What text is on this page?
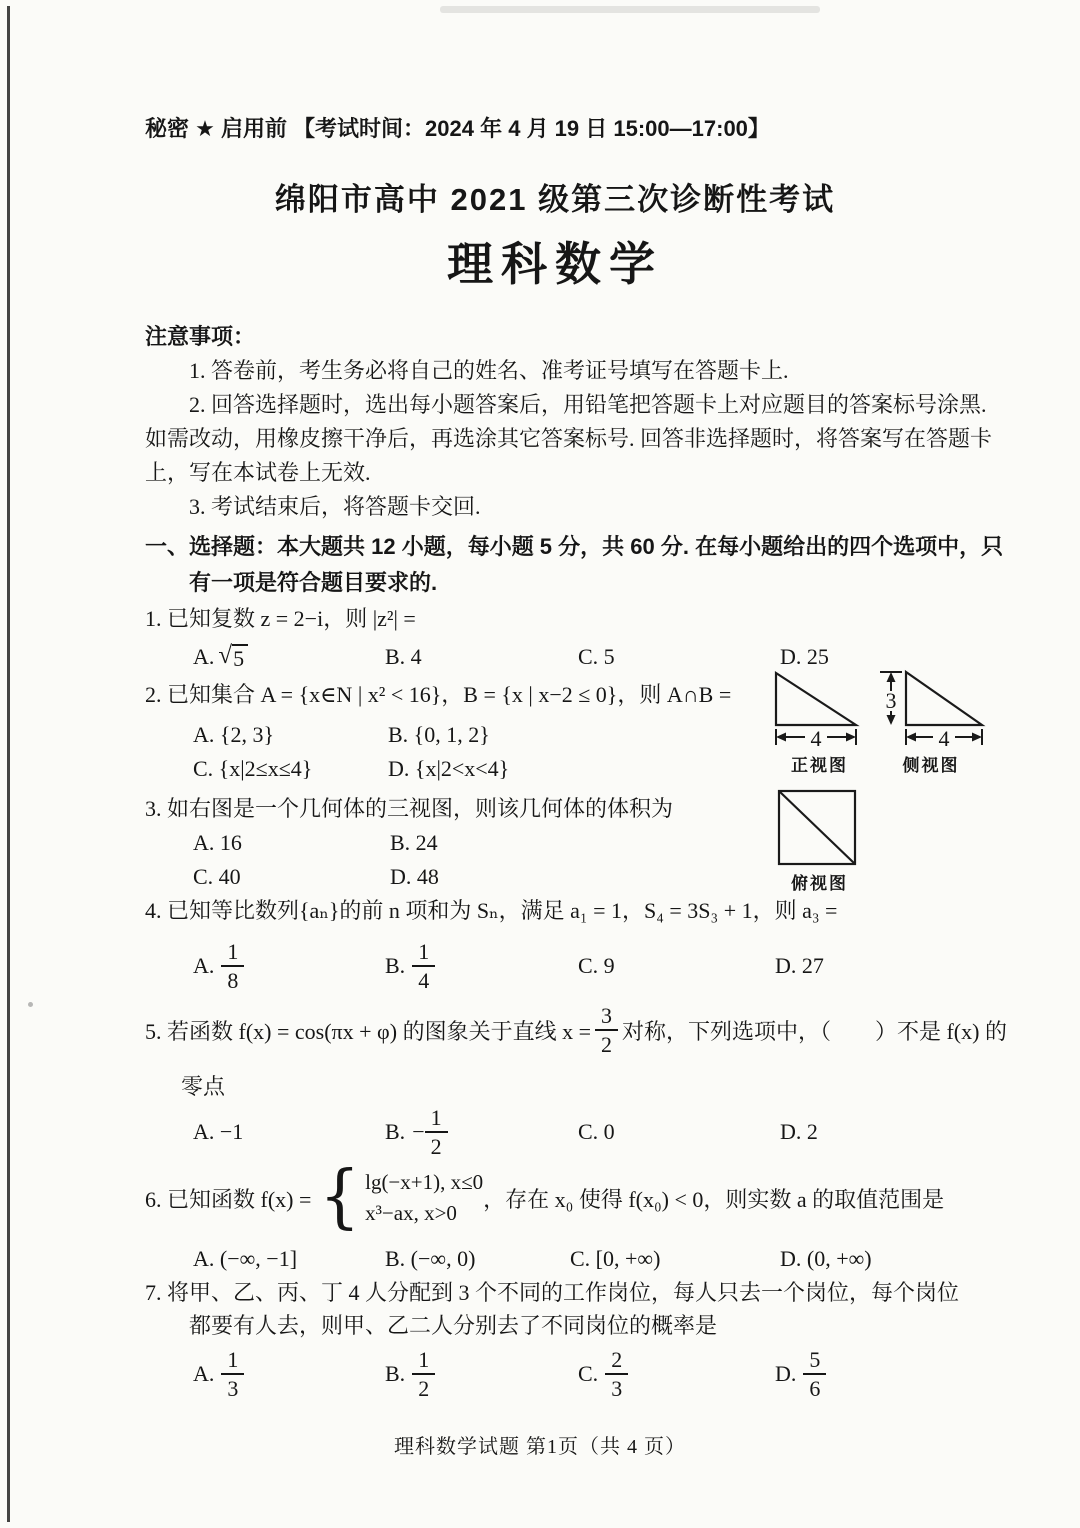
秘密 ★ 启用前 【考试时间：2024 年 4 月 19 日 15:00—17:00】
绵阳市高中 2021 级第三次诊断性考试
理科数学
注意事项：
1. 答卷前，考生务必将自己的姓名、准考证号填写在答题卡上.
2. 回答选择题时，选出每小题答案后，用铅笔把答题卡上对应题目的答案标号涂黑.
如需改动，用橡皮擦干净后，再选涂其它答案标号. 回答非选择题时，将答案写在答题卡
上，写在本试卷上无效.
3. 考试结束后，将答题卡交回.
一、选择题：本大题共 12 小题，每小题 5 分，共 60 分. 在每小题给出的四个选项中，只
有一项是符合题目要求的.
1. 已知复数 z = 2−i，则 |z²| =
A. √ 5	B. 4	C. 5	D. 25
2. 已知集合 A = {x∈N | x² < 16}，B = {x | x−2 ≤ 0}，则 A∩B =
A. {2, 3}	B. {0, 1, 2}
C. {x|2≤x≤4}	D. {x|2<x<4}
4
正视图
3
4
侧视图
俯视图
3. 如右图是一个几何体的三视图，则该几何体的体积为
A. 16	B. 24
C. 40	D. 48
4. 已知等比数列{aₙ}的前 n 项和为 Sₙ，满足 a₁ = 1，S₄ = 3S₃ + 1，则 a₃ =
A. $\frac{1}{8}$	B. $\frac{1}{4}$	C. 9	D. 27
5. 若函数 f(x) = cos(πx + φ) 的图象关于直线 $x = \frac{3}{2}$ 对称，下列选项中，（　　）不是 f(x) 的
零点
A. −1	B. − $\frac{1}{2}$	C. 0	D. 2
6. 已知函数 f(x) = { lg(−x+1), x≤0
x³−ax, x>0
，存在 x₀ 使得 f(x₀) < 0，则实数 a 的取值范围是
A. (−∞, −1]	B. (−∞, 0)	C. [0, +∞)	D. (0, +∞)
7. 将甲、乙、丙、丁 4 人分配到 3 个不同的工作岗位，每人只去一个岗位，每个岗位
都要有人去，则甲、乙二人分别去了不同岗位的概率是
A. $\frac{1}{3}$	B. $\frac{1}{2}$	C. $\frac{2}{3}$	D. $\frac{5}{6}$
理科数学试题 第1页（共 4 页）
